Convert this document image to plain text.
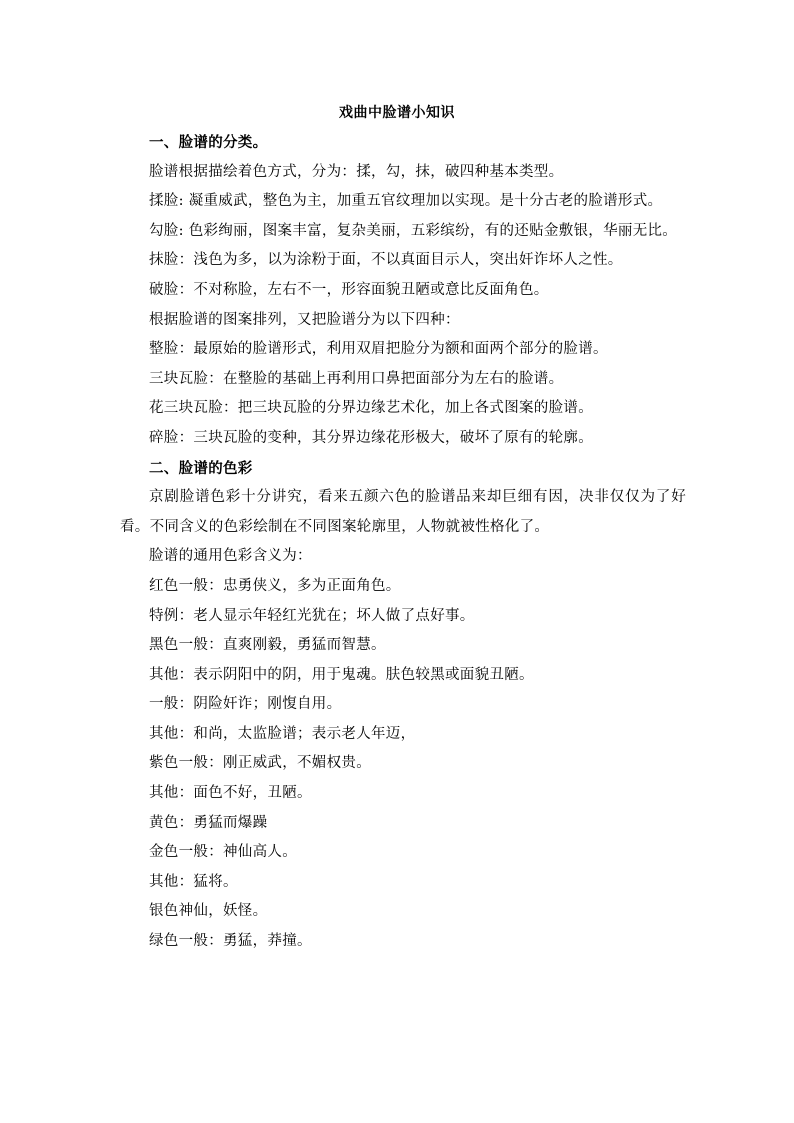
戏曲中脸谱小知识

一、脸谱的分类。

脸谱根据描绘着色方式，分为：揉，勾，抹，破四种基本类型。

揉脸: 凝重威武，整色为主，加重五官纹理加以实现。是十分古老的脸谱形式。

勾脸: 色彩绚丽，图案丰富，复杂美丽，五彩缤纷，有的还贴金敷银，华丽无比。

抹脸：浅色为多，以为涂粉于面，不以真面目示人，突出奸诈坏人之性。

破脸：不对称脸，左右不一，形容面貌丑陋或意比反面角色。

根据脸谱的图案排列，又把脸谱分为以下四种：

整脸：最原始的脸谱形式，利用双眉把脸分为额和面两个部分的脸谱。

三块瓦脸：在整脸的基础上再利用口鼻把面部分为左右的脸谱。

花三块瓦脸：把三块瓦脸的分界边缘艺术化，加上各式图案的脸谱。

碎脸：三块瓦脸的变种，其分界边缘花形极大，破坏了原有的轮廓。

二、脸谱的色彩

京剧脸谱色彩十分讲究，看来五颜六色的脸谱品来却巨细有因，决非仅仅为了好看。不同含义的色彩绘制在不同图案轮廓里，人物就被性格化了。

脸谱的通用色彩含义为：

红色一般：忠勇侠义，多为正面角色。

特例：老人显示年轻红光犹在；坏人做了点好事。

黑色一般：直爽刚毅，勇猛而智慧。

其他：表示阴阳中的阴，用于鬼魂。肤色较黑或面貌丑陋。

一般：阴险奸诈；刚愎自用。

其他：和尚，太监脸谱；表示老人年迈，

紫色一般：刚正威武，不媚权贵。

其他：面色不好，丑陋。

黄色：勇猛而爆躁

金色一般：神仙高人。

其他：猛将。

银色神仙，妖怪。

绿色一般：勇猛，莽撞。
